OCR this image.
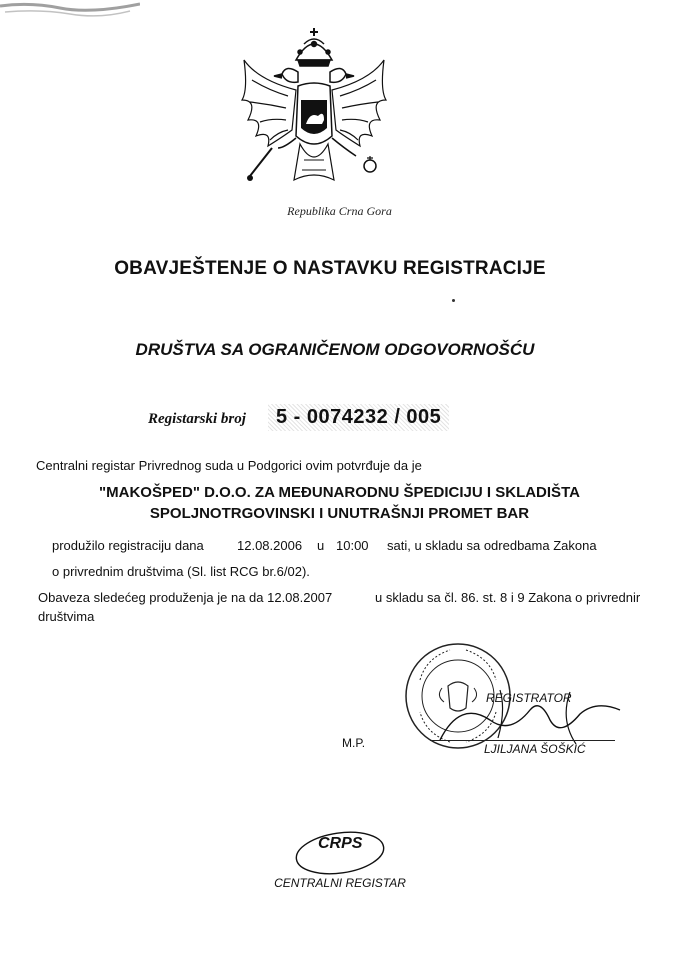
Republika Crna Gora
OBAVJEŠTENJE O NASTAVKU REGISTRACIJE
DRUŠTVA SA OGRANIČENOM ODGOVORNOŠĆU
Registarski broj	5 - 0074232 / 005
Centralni registar Privrednog suda u Podgorici ovim potvrđuje da je
"MAKOŠPED" D.O.O. ZA MEĐUNARODNU ŠPEDICIJU I SKLADIŠTA
SPOLJNOTRGOVINSKI I UNUTRAŠNJI PROMET BAR
produžilo registraciju dana	12.08.2006 u 10:00 sati, u skladu sa odredbama Zakona
o privrednim društvima (Sl. list RCG br.6/02).
Obaveza sledećeg produženja je na da 12.08.2007	u skladu sa čl. 86. st. 8 i 9 Zakona o privrednir
društvima
REGISTRATOR
M.P.	LJILJANA ŠOŠKIĆ
CRPS
CENTRALNI REGISTAR
